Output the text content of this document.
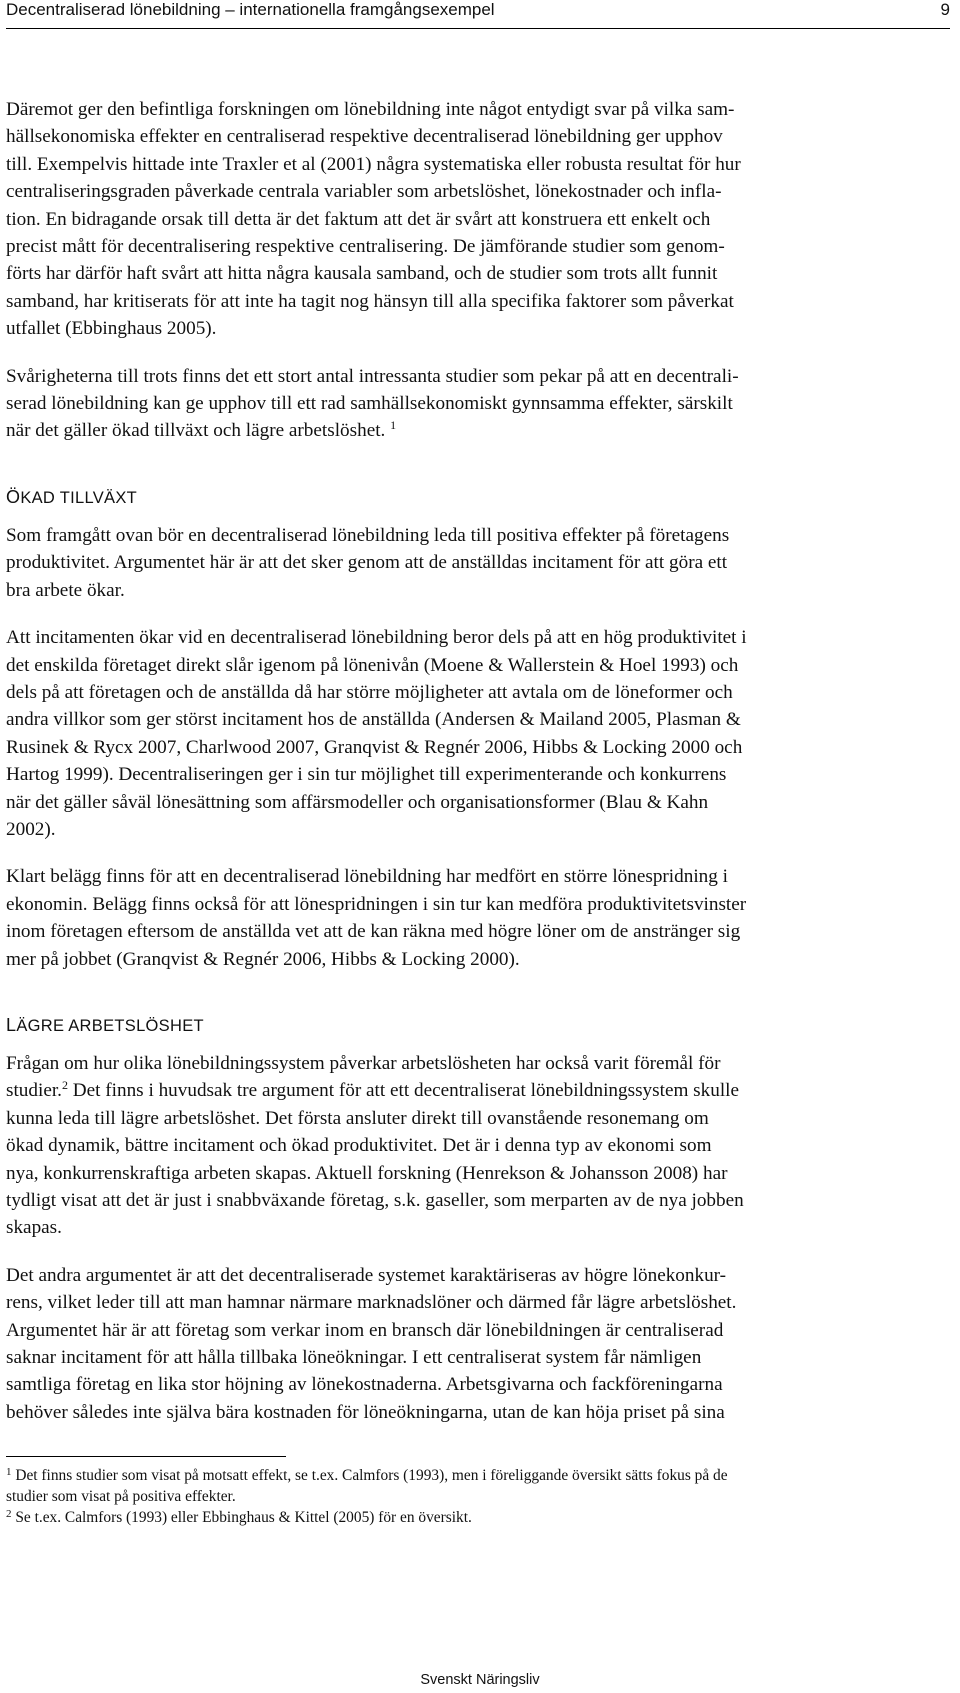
Decentraliserad lönebildning – internationella framgångsexempel	9

Däremot ger den befintliga forskningen om lönebildning inte något entydigt svar på vilka sam-

hällsekonomiska effekter en centraliserad respektive decentraliserad lönebildning ger upphov

till. Exempelvis hittade inte Traxler et al (2001) några systematiska eller robusta resultat för hur

centraliseringsgraden påverkade centrala variabler som arbetslöshet, lönekostnader och infla-

tion. En bidragande orsak till detta är det faktum att det är svårt att konstruera ett enkelt och

precist mått för decentralisering respektive centralisering. De jämförande studier som genom-

förts har därför haft svårt att hitta några kausala samband, och de studier som trots allt funnit

samband, har kritiserats för att inte ha tagit nog hänsyn till alla specifika faktorer som påverkat

utfallet (Ebbinghaus 2005).

Svårigheterna till trots finns det ett stort antal intressanta studier som pekar på att en decentrali-

serad lönebildning kan ge upphov till ett rad samhällsekonomiskt gynnsamma effekter, särskilt

när det gäller ökad tillväxt och lägre arbetslöshet. $^1$

ÖKAD TILLVÄXT

Som framgått ovan bör en decentraliserad lönebildning leda till positiva effekter på företagens

produktivitet. Argumentet här är att det sker genom att de anställdas incitament för att göra ett

bra arbete ökar.

Att incitamenten ökar vid en decentraliserad lönebildning beror dels på att en hög produktivitet i

det enskilda företaget direkt slår igenom på lönenivån (Moene & Wallerstein & Hoel 1993) och

dels på att företagen och de anställda då har större möjligheter att avtala om de löneformer och

andra villkor som ger störst incitament hos de anställda (Andersen & Mailand 2005, Plasman &

Rusinek & Rycx 2007, Charlwood 2007, Granqvist & Regnér 2006, Hibbs & Locking 2000 och

Hartog 1999). Decentraliseringen ger i sin tur möjlighet till experimenterande och konkurrens

när det gäller såväl lönesättning som affärsmodeller och organisationsformer (Blau & Kahn

2002).

Klart belägg finns för att en decentraliserad lönebildning har medfört en större lönespridning i

ekonomin. Belägg finns också för att lönespridningen i sin tur kan medföra produktivitetsvinster

inom företagen eftersom de anställda vet att de kan räkna med högre löner om de anstränger sig

mer på jobbet (Granqvist & Regnér 2006, Hibbs & Locking 2000).

LÄGRE ARBETSLÖSHET

Frågan om hur olika lönebildningssystem påverkar arbetslösheten har också varit föremål för

studier.$^2$ Det finns i huvudsak tre argument för att ett decentraliserat lönebildningssystem skulle

kunna leda till lägre arbetslöshet. Det första ansluter direkt till ovanstående resonemang om

ökad dynamik, bättre incitament och ökad produktivitet. Det är i denna typ av ekonomi som

nya, konkurrenskraftiga arbeten skapas. Aktuell forskning (Henrekson & Johansson 2008) har

tydligt visat att det är just i snabbväxande företag, s.k. gaseller, som merparten av de nya jobben

skapas.

Det andra argumentet är att det decentraliserade systemet karaktäriseras av högre lönekonkur-

rens, vilket leder till att man hamnar närmare marknadslöner och därmed får lägre arbetslöshet.

Argumentet här är att företag som verkar inom en bransch där lönebildningen är centraliserad

saknar incitament för att hålla tillbaka löneökningar. I ett centraliserat system får nämligen

samtliga företag en lika stor höjning av lönekostnaderna. Arbetsgivarna och fackföreningarna

behöver således inte själva bära kostnaden för löneökningarna, utan de kan höja priset på sina

$^1$ Det finns studier som visat på motsatt effekt, se t.ex. Calmfors (1993), men i föreliggande översikt sätts fokus på de

studier som visat på positiva effekter.

$^2$ Se t.ex. Calmfors (1993) eller Ebbinghaus & Kittel (2005) för en översikt.

Svenskt Näringsliv
